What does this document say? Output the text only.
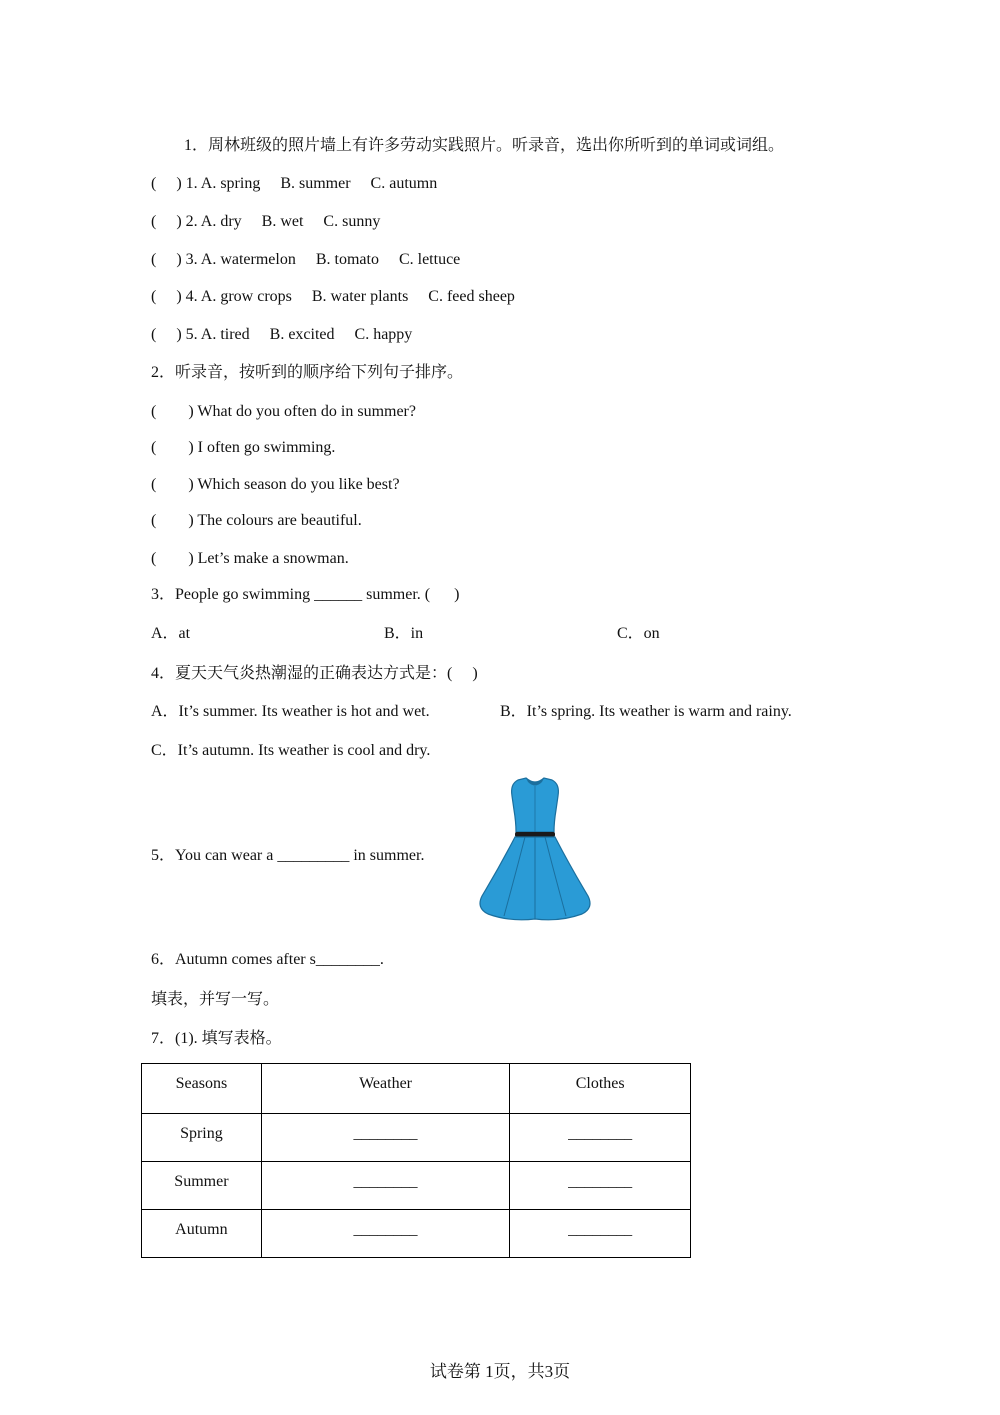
1．周林班级的照片墙上有许多劳动实践照片。听录音，选出你所听到的单词或词组。
(     ) 1. A. spring     B. summer     C. autumn
(     ) 2. A. dry     B. wet     C. sunny
(     ) 3. A. watermelon     B. tomato     C. lettuce
(     ) 4. A. grow crops     B. water plants     C. feed sheep
(     ) 5. A. tired     B. excited     C. happy
2．听录音，按听到的顺序给下列句子排序。
(        ) What do you often do in summer?
(        ) I often go swimming.
(        ) Which season do you like best?
(        ) The colours are beautiful.
(        ) Let’s make a snowman.
3．People go swimming ______ summer. (      )
A．at	B．in	C．on
4．夏天天气炎热潮湿的正确表达方式是：(     )
A．It’s summer. Its weather is hot and wet.	B．It’s spring. Its weather is warm and rainy.
C．It’s autumn. Its weather is cool and dry.
5．You can wear a _________ in summer.
6．Autumn comes after s________.
填表，并写一写。
7．(1). 填写表格。
Seasons	Weather	Clothes
Spring	________	________
Summer	________	________
Autumn	________	________
试卷第 1页，共3页
